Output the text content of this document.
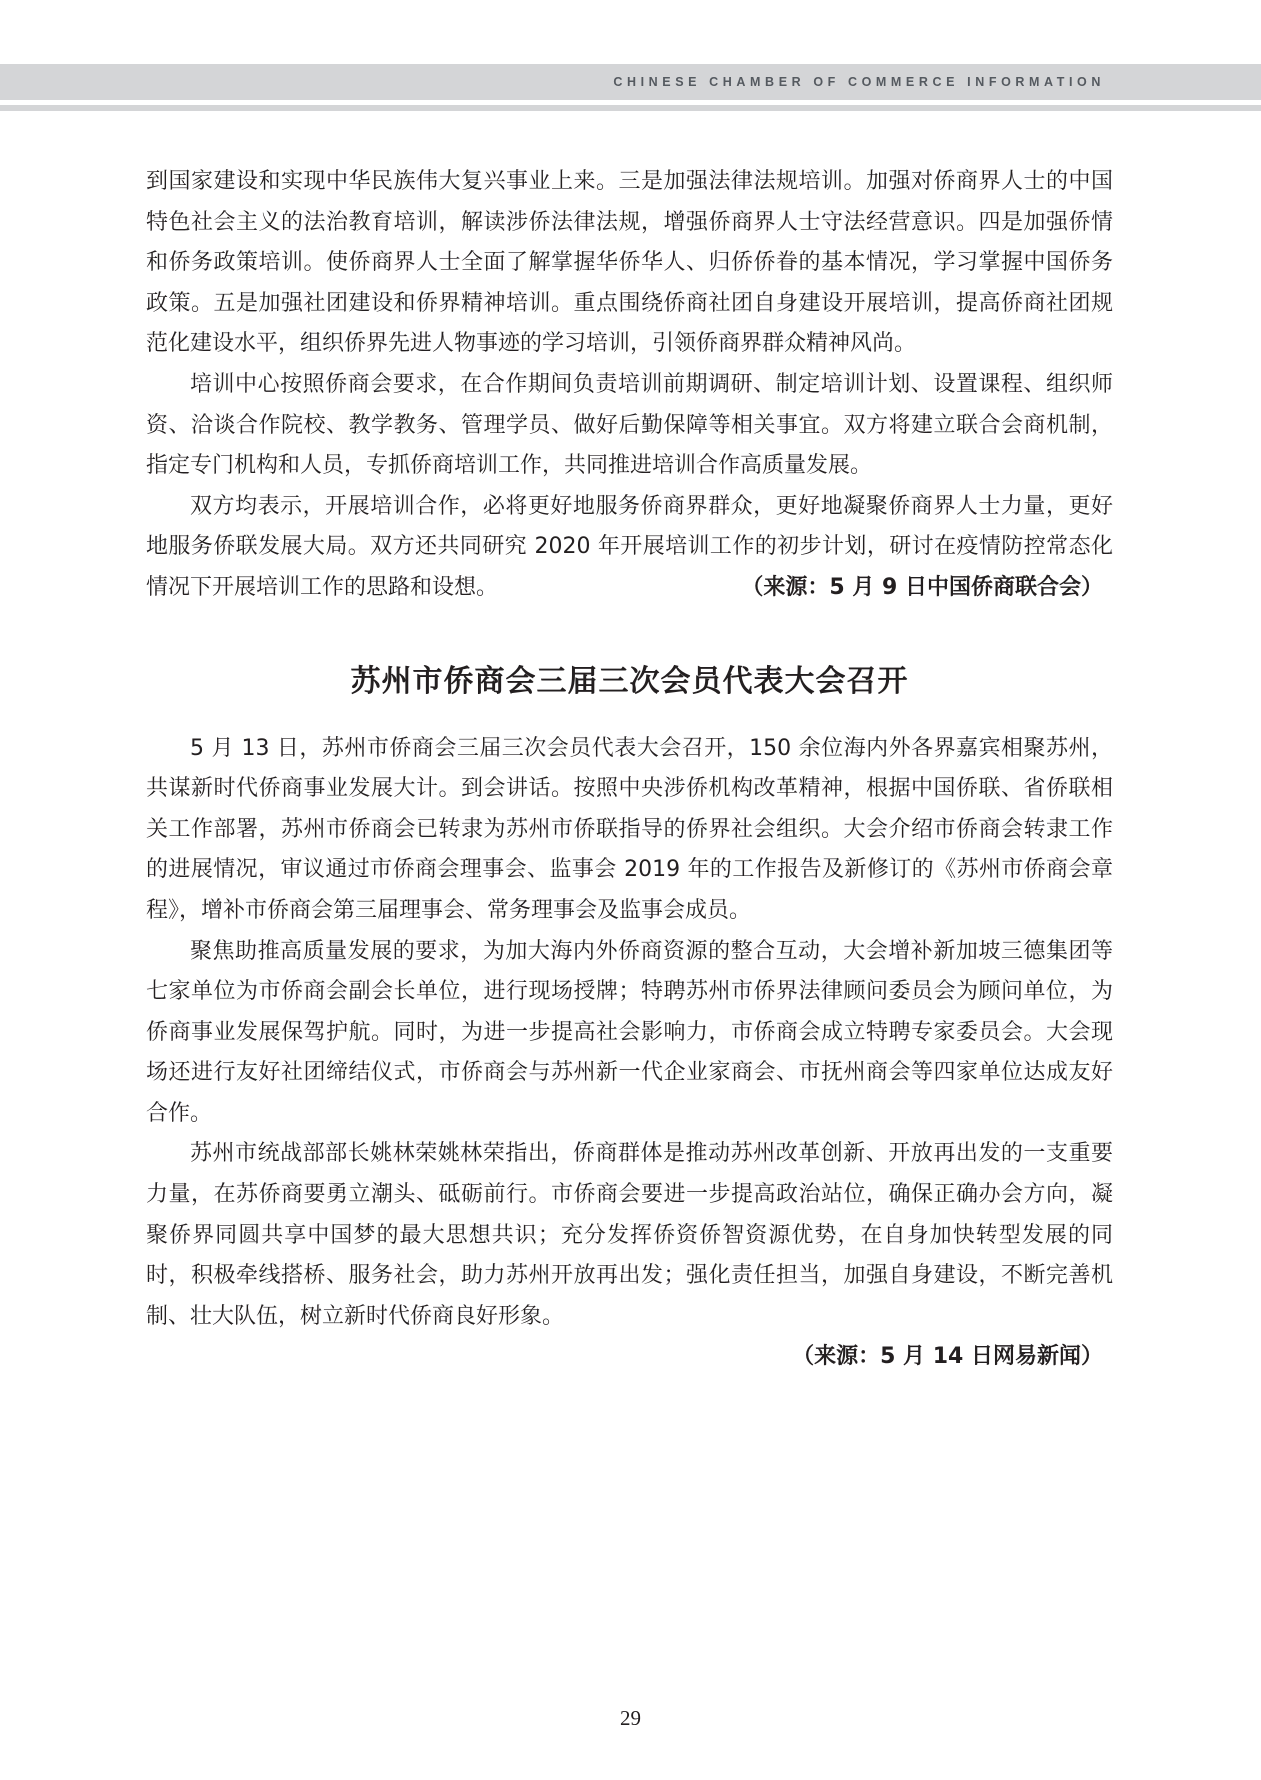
CHINESE CHAMBER OF COMMERCE INFORMATION

到国家建设和实现中华民族伟大复兴事业上来。三是加强法律法规培训。加强对侨商界人士的中国特色社会主义的法治教育培训，解读涉侨法律法规，增强侨商界人士守法经营意识。四是加强侨情和侨务政策培训。使侨商界人士全面了解掌握华侨华人、归侨侨眷的基本情况，学习掌握中国侨务政策。五是加强社团建设和侨界精神培训。重点围绕侨商社团自身建设开展培训，提高侨商社团规范化建设水平，组织侨界先进人物事迹的学习培训，引领侨商界群众精神风尚。

培训中心按照侨商会要求，在合作期间负责培训前期调研、制定培训计划、设置课程、组织师资、洽谈合作院校、教学教务、管理学员、做好后勤保障等相关事宜。双方将建立联合会商机制，指定专门机构和人员，专抓侨商培训工作，共同推进培训合作高质量发展。

双方均表示，开展培训合作，必将更好地服务侨商界群众，更好地凝聚侨商界人士力量，更好地服务侨联发展大局。双方还共同研究 2020 年开展培训工作的初步计划，研讨在疫情防控常态化情况下开展培训工作的思路和设想。	（来源：5 月 9 日中国侨商联合会）

苏州市侨商会三届三次会员代表大会召开

5 月 13 日，苏州市侨商会三届三次会员代表大会召开，150 余位海内外各界嘉宾相聚苏州，共谋新时代侨商事业发展大计。到会讲话。按照中央涉侨机构改革精神，根据中国侨联、省侨联相关工作部署，苏州市侨商会已转隶为苏州市侨联指导的侨界社会组织。大会介绍市侨商会转隶工作的进展情况，审议通过市侨商会理事会、监事会 2019 年的工作报告及新修订的《苏州市侨商会章程》，增补市侨商会第三届理事会、常务理事会及监事会成员。

聚焦助推高质量发展的要求，为加大海内外侨商资源的整合互动，大会增补新加坡三德集团等七家单位为市侨商会副会长单位，进行现场授牌；特聘苏州市侨界法律顾问委员会为顾问单位，为侨商事业发展保驾护航。同时，为进一步提高社会影响力，市侨商会成立特聘专家委员会。大会现场还进行友好社团缔结仪式，市侨商会与苏州新一代企业家商会、市抚州商会等四家单位达成友好合作。

苏州市统战部部长姚林荣姚林荣指出，侨商群体是推动苏州改革创新、开放再出发的一支重要力量，在苏侨商要勇立潮头、砥砺前行。市侨商会要进一步提高政治站位，确保正确办会方向，凝聚侨界同圆共享中国梦的最大思想共识；充分发挥侨资侨智资源优势，在自身加快转型发展的同时，积极牵线搭桥、服务社会，助力苏州开放再出发；强化责任担当，加强自身建设，不断完善机制、壮大队伍，树立新时代侨商良好形象。

（来源：5 月 14 日网易新闻）

29
